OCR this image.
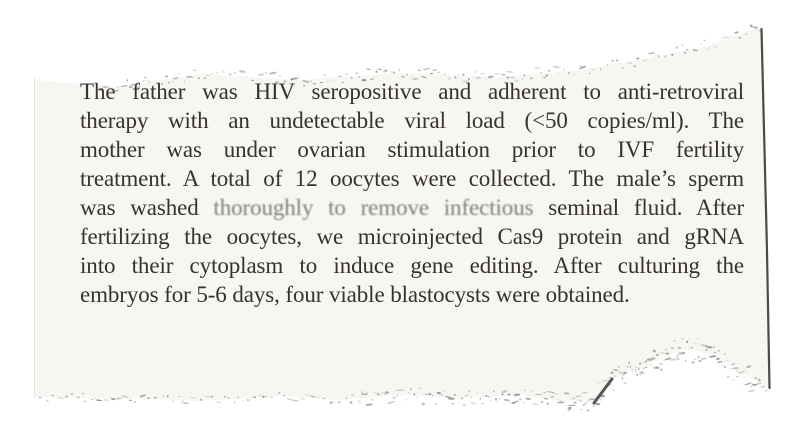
The father was HIV seropositive and adherent to anti-retroviral
therapy with an undetectable viral load (<50 copies/ml). The
mother was under ovarian stimulation prior to IVF fertility
treatment. A total of 12 oocytes were collected. The male’s sperm
was washed thoroughly to remove infectious seminal fluid. After
fertilizing the oocytes, we microinjected Cas9 protein and gRNA
into their cytoplasm to induce gene editing. After culturing the
embryos for 5-6 days, four viable blastocysts were obtained.
